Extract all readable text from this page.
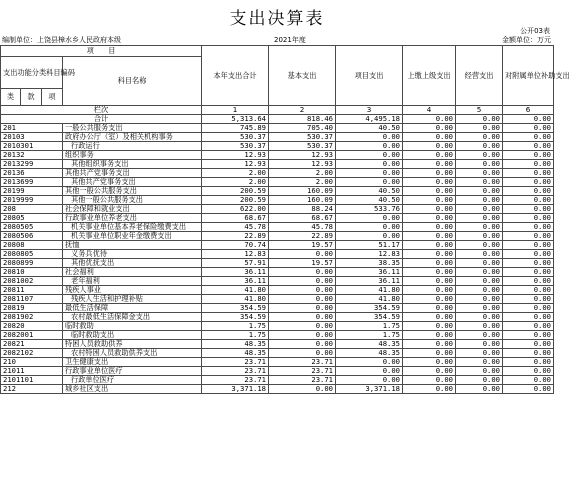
支出决算表
公开03表
编制单位：上饶县樟水乡人民政府本级	2021年度	金额单位：万元
项　　目				本年支出合计	基本支出	项目支出	上缴上级支出	经营支出	对附属单位补助支出
支出功能分类科目编码			科目名称						
类	款	项							
栏次				1	2	3	4	5	6
合计				5,313.64	818.46	4,495.18	0.00	0.00	0.00
201			一般公共服务支出	745.89	705.40	40.50	0.00	0.00	0.00
20103			政府办公厅（室）及相关机构事务	530.37	530.37	0.00	0.00	0.00	0.00
2010301			行政运行	530.37	530.37	0.00	0.00	0.00	0.00
20132			组织事务	12.93	12.93	0.00	0.00	0.00	0.00
2013299			其他组织事务支出	12.93	12.93	0.00	0.00	0.00	0.00
20136			其他共产党事务支出	2.00	2.00	0.00	0.00	0.00	0.00
2013699			其他共产党事务支出	2.00	2.00	0.00	0.00	0.00	0.00
20199			其他一般公共服务支出	200.59	160.09	40.50	0.00	0.00	0.00
2019999			其他一般公共服务支出	200.59	160.09	40.50	0.00	0.00	0.00
208			社会保障和就业支出	622.00	88.24	533.76	0.00	0.00	0.00
20805			行政事业单位养老支出	68.67	68.67	0.00	0.00	0.00	0.00
2080505			机关事业单位基本养老保险缴费支出	45.78	45.78	0.00	0.00	0.00	0.00
2080506			机关事业单位职业年金缴费支出	22.89	22.89	0.00	0.00	0.00	0.00
20808			抚恤	70.74	19.57	51.17	0.00	0.00	0.00
2080805			义务兵优待	12.83	0.00	12.83	0.00	0.00	0.00
2080899			其他优抚支出	57.91	19.57	38.35	0.00	0.00	0.00
20810			社会福利	36.11	0.00	36.11	0.00	0.00	0.00
2081002			老年福利	36.11	0.00	36.11	0.00	0.00	0.00
20811			残疾人事业	41.80	0.00	41.80	0.00	0.00	0.00
2081107			残疾人生活和护理补贴	41.80	0.00	41.80	0.00	0.00	0.00
20819			最低生活保障	354.59	0.00	354.59	0.00	0.00	0.00
2081902			农村最低生活保障金支出	354.59	0.00	354.59	0.00	0.00	0.00
20820			临时救助	1.75	0.00	1.75	0.00	0.00	0.00
2082001			临时救助支出	1.75	0.00	1.75	0.00	0.00	0.00
20821			特困人员救助供养	48.35	0.00	48.35	0.00	0.00	0.00
2082102			农村特困人员救助供养支出	48.35	0.00	48.35	0.00	0.00	0.00
210			卫生健康支出	23.71	23.71	0.00	0.00	0.00	0.00
21011			行政事业单位医疗	23.71	23.71	0.00	0.00	0.00	0.00
2101101			行政单位医疗	23.71	23.71	0.00	0.00	0.00	0.00
212			城乡社区支出	3,371.18	0.00	3,371.18	0.00	0.00	0.00
